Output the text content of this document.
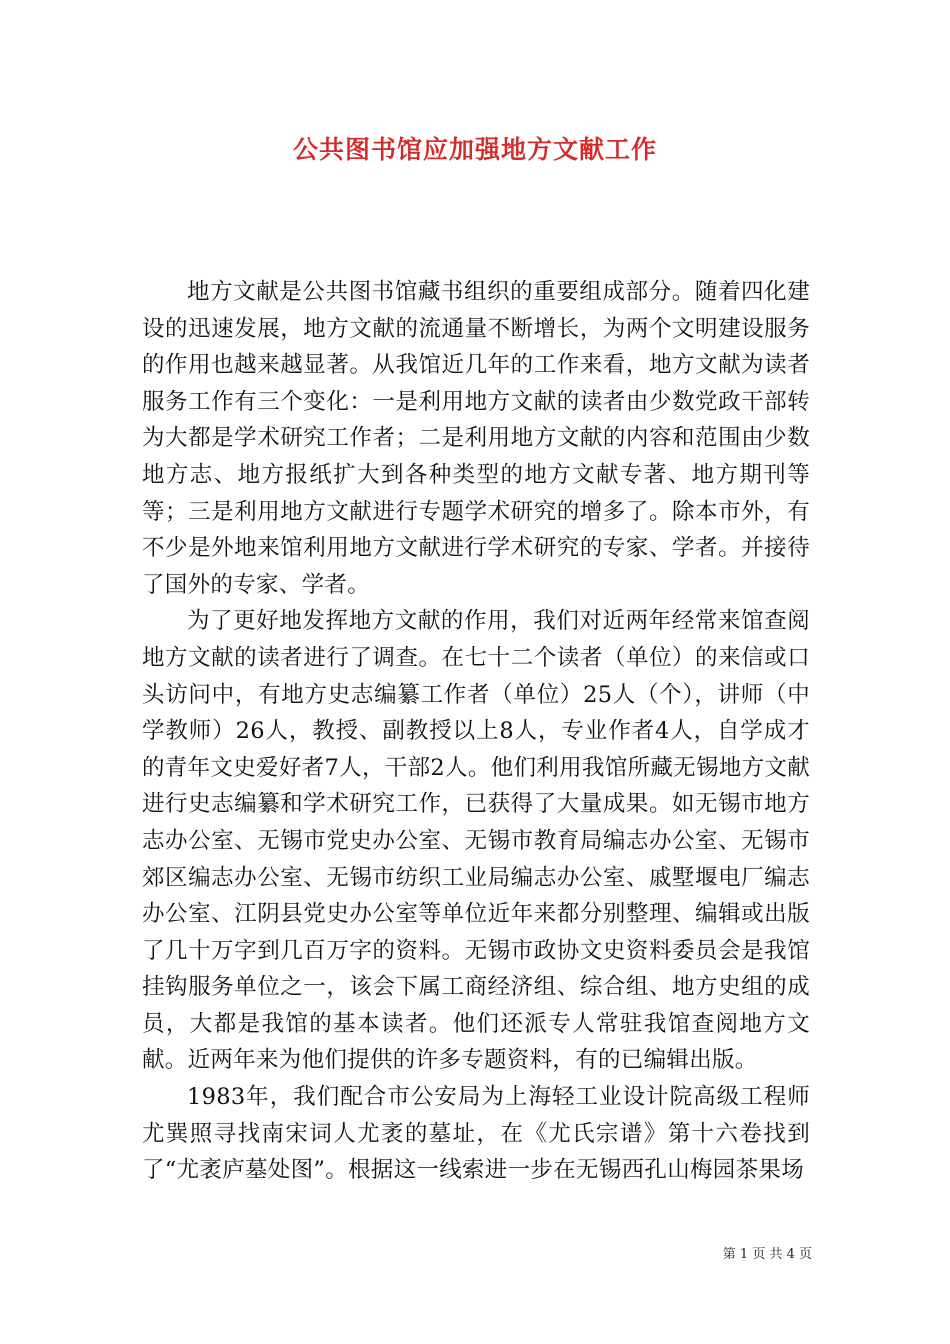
公共图书馆应加强地方文献工作

地方文献是公共图书馆藏书组织的重要组成部分。随着四化建设的迅速发展，地方文献的流通量不断增长，为两个文明建设服务的作用也越来越显著。从我馆近几年的工作来看，地方文献为读者服务工作有三个变化：一是利用地方文献的读者由少数党政干部转为大都是学术研究工作者；二是利用地方文献的内容和范围由少数地方志、地方报纸扩大到各种类型的地方文献专著、地方期刊等等；三是利用地方文献进行专题学术研究的增多了。除本市外，有不少是外地来馆利用地方文献进行学术研究的专家、学者。并接待了国外的专家、学者。

为了更好地发挥地方文献的作用，我们对近两年经常来馆查阅地方文献的读者进行了调查。在七十二个读者（单位）的来信或口头访问中，有地方史志编纂工作者（单位）25人（个），讲师（中学教师）26人，教授、副教授以上8人，专业作者4人，自学成才的青年文史爱好者7人，干部2人。他们利用我馆所藏无锡地方文献进行史志编纂和学术研究工作，已获得了大量成果。如无锡市地方志办公室、无锡市党史办公室、无锡市教育局编志办公室、无锡市郊区编志办公室、无锡市纺织工业局编志办公室、戚墅堰电厂编志办公室、江阴县党史办公室等单位近年来都分别整理、编辑或出版了几十万字到几百万字的资料。无锡市政协文史资料委员会是我馆挂钩服务单位之一，该会下属工商经济组、综合组、地方史组的成员，大都是我馆的基本读者。他们还派专人常驻我馆查阅地方文献。近两年来为他们提供的许多专题资料，有的已编辑出版。

1983年，我们配合市公安局为上海轻工业设计院高级工程师尤巽照寻找南宋词人尤袤的墓址，在《尤氏宗谱》第十六卷找到了“尤袤庐墓处图”。根据这一线索进一步在无锡西孔山梅园茶果场

第 1 页 共 4 页
